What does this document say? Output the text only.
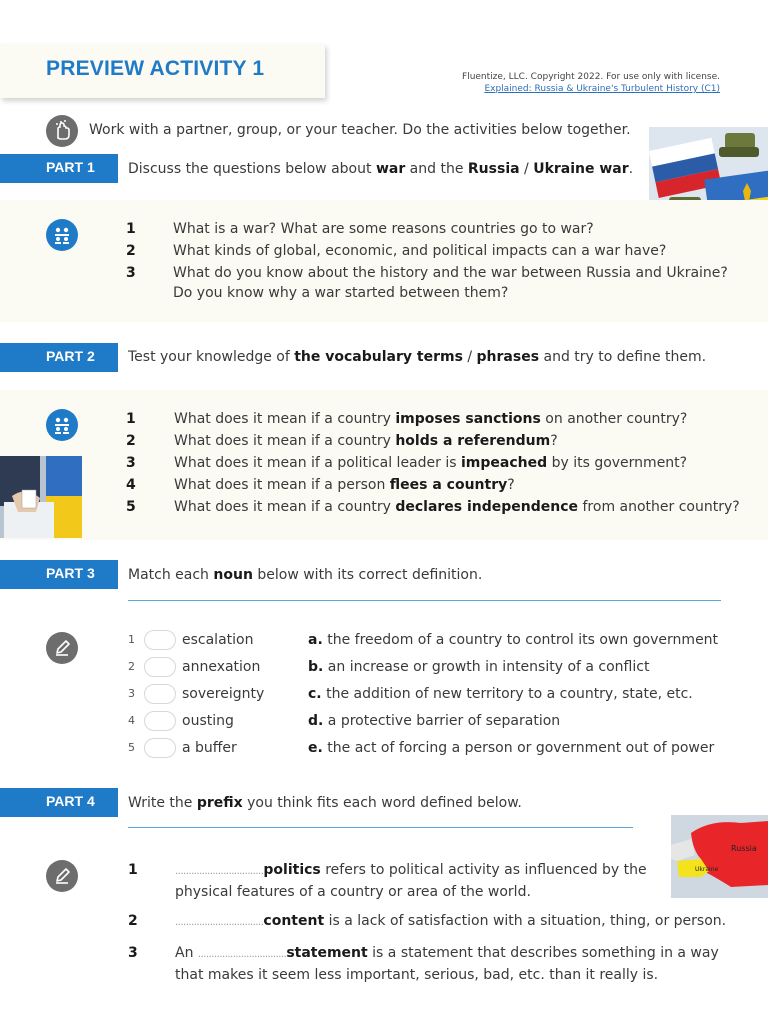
PREVIEW ACTIVITY 1	Fluentize, LLC. Copyright 2022. For use only with license.
Explained: Russia & Ukraine's Turbulent History (C1)
Work with a partner, group, or your teacher. Do the activities below together.
PART 1	Discuss the questions below about war and the Russia / Ukraine war.
1	What is a war? What are some reasons countries go to war?
2	What kinds of global, economic, and political impacts can a war have?
3	What do you know about the history and the war between Russia and Ukraine?
Do you know why a war started between them?
PART 2	Test your knowledge of the vocabulary terms / phrases and try to define them.
1	What does it mean if a country imposes sanctions on another country?
2	What does it mean if a country holds a referendum?
3	What does it mean if a political leader is impeached by its government?
4	What does it mean if a person flees a country?
5	What does it mean if a country declares independence from another country?
PART 3	Match each noun below with its correct definition.
1	escalation	a. the freedom of a country to control its own government
2	annexation	b. an increase or growth in intensity of a conflict
3	sovereignty	c. the addition of new territory to a country, state, etc.
4	ousting	d. a protective barrier of separation
5	a buffer	e. the act of forcing a person or government out of power
PART 4	Write the prefix you think fits each word defined below.
Russia
Ukraine
1	.................................politics refers to political activity as influenced by the
physical features of a country or area of the world.
2	.................................content is a lack of satisfaction with a situation, thing, or person.
3	An .................................statement is a statement that describes something in a way
that makes it seem less important, serious, bad, etc. than it really is.
